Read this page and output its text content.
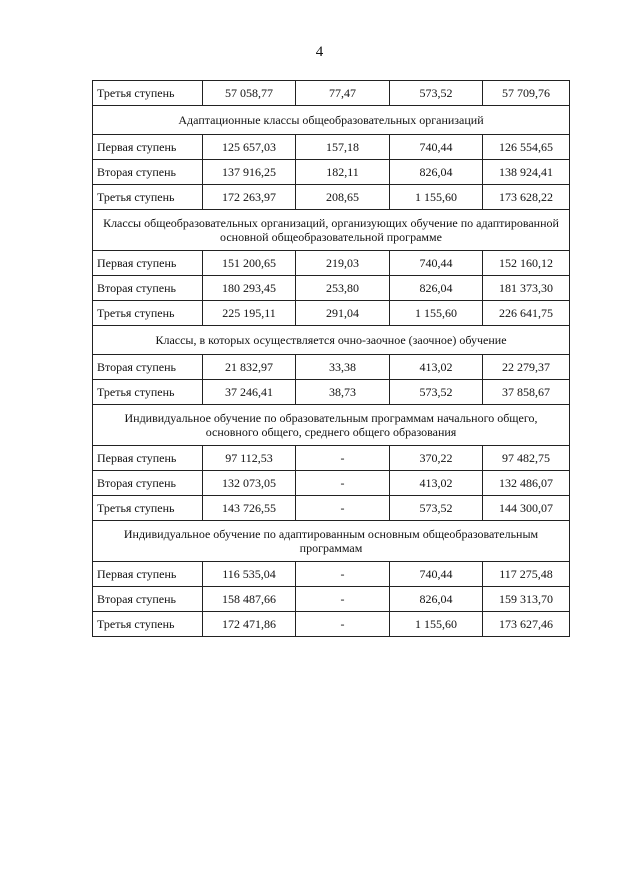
4
Третья ступень	57 058,77	77,47	573,52	57 709,76
Адаптационные классы общеобразовательных организаций				
Первая ступень	125 657,03	157,18	740,44	126 554,65
Вторая ступень	137 916,25	182,11	826,04	138 924,41
Третья ступень	172 263,97	208,65	1 155,60	173 628,22
Классы общеобразовательных организаций, организующих обучение по адаптированной основной общеобразовательной программе				
Первая ступень	151 200,65	219,03	740,44	152 160,12
Вторая ступень	180 293,45	253,80	826,04	181 373,30
Третья ступень	225 195,11	291,04	1 155,60	226 641,75
Классы, в которых осуществляется очно-заочное (заочное) обучение				
Вторая ступень	21 832,97	33,38	413,02	22 279,37
Третья ступень	37 246,41	38,73	573,52	37 858,67
Индивидуальное обучение по образовательным программам начального общего, основного общего, среднего общего образования				
Первая ступень	97 112,53	-	370,22	97 482,75
Вторая ступень	132 073,05	-	413,02	132 486,07
Третья ступень	143 726,55	-	573,52	144 300,07
Индивидуальное обучение по адаптированным основным общеобразовательным программам				
Первая ступень	116 535,04	-	740,44	117 275,48
Вторая ступень	158 487,66	-	826,04	159 313,70
Третья ступень	172 471,86	-	1 155,60	173 627,46
